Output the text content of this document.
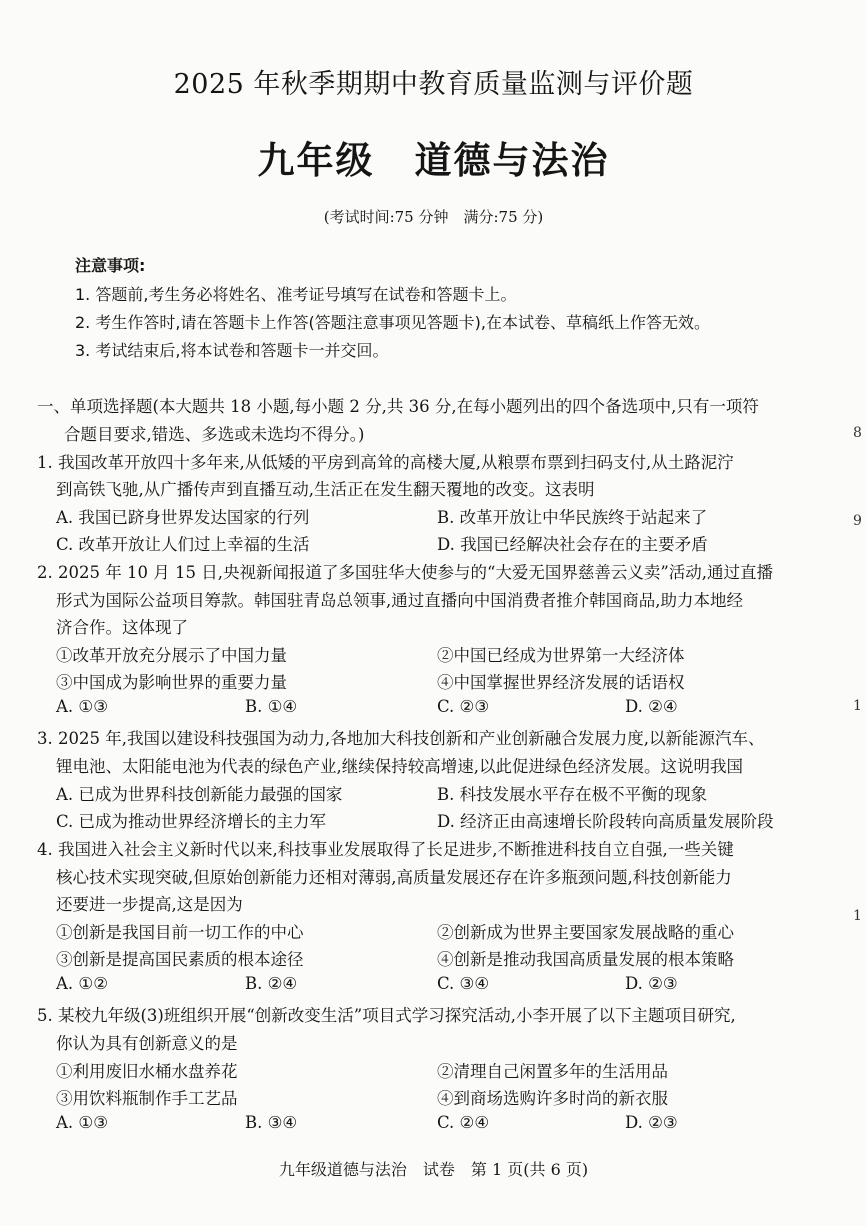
2025 年秋季期期中教育质量监测与评价题
九年级 道德与法治
(考试时间:75 分钟　满分:75 分)
注意事项:
1. 答题前,考生务必将姓名、准考证号填写在试卷和答题卡上。
2. 考生作答时,请在答题卡上作答(答题注意事项见答题卡),在本试卷、草稿纸上作答无效。
3. 考试结束后,将本试卷和答题卡一并交回。
一、单项选择题(本大题共 18 小题,每小题 2 分,共 36 分,在每小题列出的四个备选项中,只有一项符
合题目要求,错选、多选或未选均不得分。)
1. 我国改革开放四十多年来,从低矮的平房到高耸的高楼大厦,从粮票布票到扫码支付,从土路泥泞
到高铁飞驰,从广播传声到直播互动,生活正在发生翻天覆地的改变。这表明
A. 我国已跻身世界发达国家的行列	B. 改革开放让中华民族终于站起来了
C. 改革开放让人们过上幸福的生活	D. 我国已经解决社会存在的主要矛盾
2. 2025 年 10 月 15 日,央视新闻报道了多国驻华大使参与的“大爱无国界慈善云义卖”活动,通过直播
形式为国际公益项目筹款。韩国驻青岛总领事,通过直播向中国消费者推介韩国商品,助力本地经
济合作。这体现了
①改革开放充分展示了中国力量	②中国已经成为世界第一大经济体
③中国成为影响世界的重要力量	④中国掌握世界经济发展的话语权
A. ①③	B. ①④	C. ②③	D. ②④
3. 2025 年,我国以建设科技强国为动力,各地加大科技创新和产业创新融合发展力度,以新能源汽车、
锂电池、太阳能电池为代表的绿色产业,继续保持较高增速,以此促进绿色经济发展。这说明我国
A. 已成为世界科技创新能力最强的国家	B. 科技发展水平存在极不平衡的现象
C. 已成为推动世界经济增长的主力军	D. 经济正由高速增长阶段转向高质量发展阶段
4. 我国进入社会主义新时代以来,科技事业发展取得了长足进步,不断推进科技自立自强,一些关键
核心技术实现突破,但原始创新能力还相对薄弱,高质量发展还存在许多瓶颈问题,科技创新能力
还要进一步提高,这是因为
①创新是我国目前一切工作的中心	②创新成为世界主要国家发展战略的重心
③创新是提高国民素质的根本途径	④创新是推动我国高质量发展的根本策略
A. ①②	B. ②④	C. ③④	D. ②③
5. 某校九年级(3)班组织开展“创新改变生活”项目式学习探究活动,小李开展了以下主题项目研究,
你认为具有创新意义的是
①利用废旧水桶水盘养花	②清理自己闲置多年的生活用品
③用饮料瓶制作手工艺品	④到商场选购许多时尚的新衣服
A. ①③	B. ③④	C. ②④	D. ②③
九年级道德与法治　试卷　第 1 页(共 6 页)
8
9
1
1
